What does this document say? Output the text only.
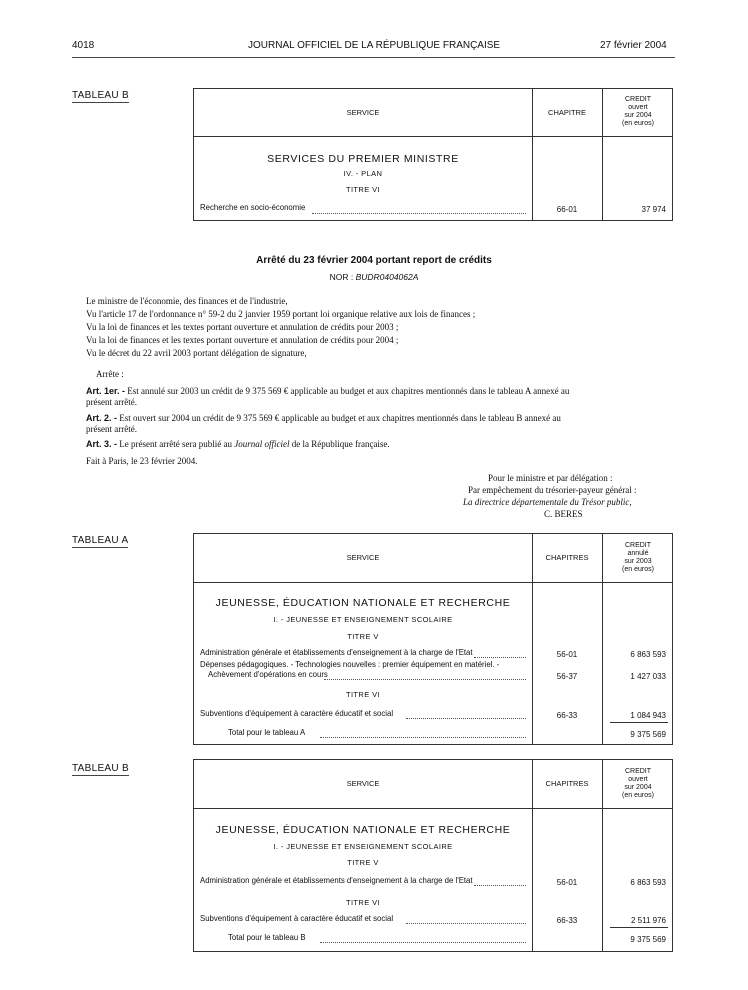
4018	JOURNAL OFFICIEL DE LA RÉPUBLIQUE FRANÇAISE	27 février 2004
TABLEAU B
SERVICE	CHAPITRE
CREDIT
ouvert
sur 2004
(en euros)
SERVICES DU PREMIER MINISTRE
IV. - PLAN
TITRE VI
Recherche en socio-économie	66-01	37 974
Arrêté du 23 février 2004 portant report de crédits
NOR : BUDR0404062A
Le ministre de l'économie, des finances et de l'industrie,
Vu l'article 17 de l'ordonnance n° 59-2 du 2 janvier 1959 portant loi organique relative aux lois de finances ;
Vu la loi de finances et les textes portant ouverture et annulation de crédits pour 2003 ;
Vu la loi de finances et les textes portant ouverture et annulation de crédits pour 2004 ;
Vu le décret du 22 avril 2003 portant délégation de signature,
Arrête :
Art. 1er. - Est annulé sur 2003 un crédit de 9 375 569 € applicable au budget et aux chapitres mentionnés dans le tableau A annexé au
présent arrêté.
Art. 2. - Est ouvert sur 2004 un crédit de 9 375 569 € applicable au budget et aux chapitres mentionnés dans le tableau B annexé au
présent arrêté.
Art. 3. - Le présent arrêté sera publié au Journal officiel de la République française.
Fait à Paris, le 23 février 2004.
Pour le ministre et par délégation :
Par empêchement du trésorier-payeur général :
La directrice départementale du Trésor public,
C. BERES
TABLEAU A
SERVICE	CHAPITRES
CREDIT
annulé
sur 2003
(en euros)
JEUNESSE, ÉDUCATION NATIONALE ET RECHERCHE
I. - JEUNESSE ET ENSEIGNEMENT SCOLAIRE
TITRE V
Administration générale et établissements d'enseignement à la charge de l'Etat	56-01	6 863 593
Dépenses pédagogiques. - Technologies nouvelles : premier équipement en matériel. -
Achèvement d'opérations en cours	56-37	1 427 033
TITRE VI
Subventions d'équipement à caractère éducatif et social	66-33	1 084 943
Total pour le tableau A	9 375 569
TABLEAU B
SERVICE	CHAPITRES
CREDIT
ouvert
sur 2004
(en euros)
JEUNESSE, ÉDUCATION NATIONALE ET RECHERCHE
I. - JEUNESSE ET ENSEIGNEMENT SCOLAIRE
TITRE V
Administration générale et établissements d'enseignement à la charge de l'Etat	56-01	6 863 593
TITRE VI
Subventions d'équipement à caractère éducatif et social	66-33	2 511 976
Total pour le tableau B	9 375 569
